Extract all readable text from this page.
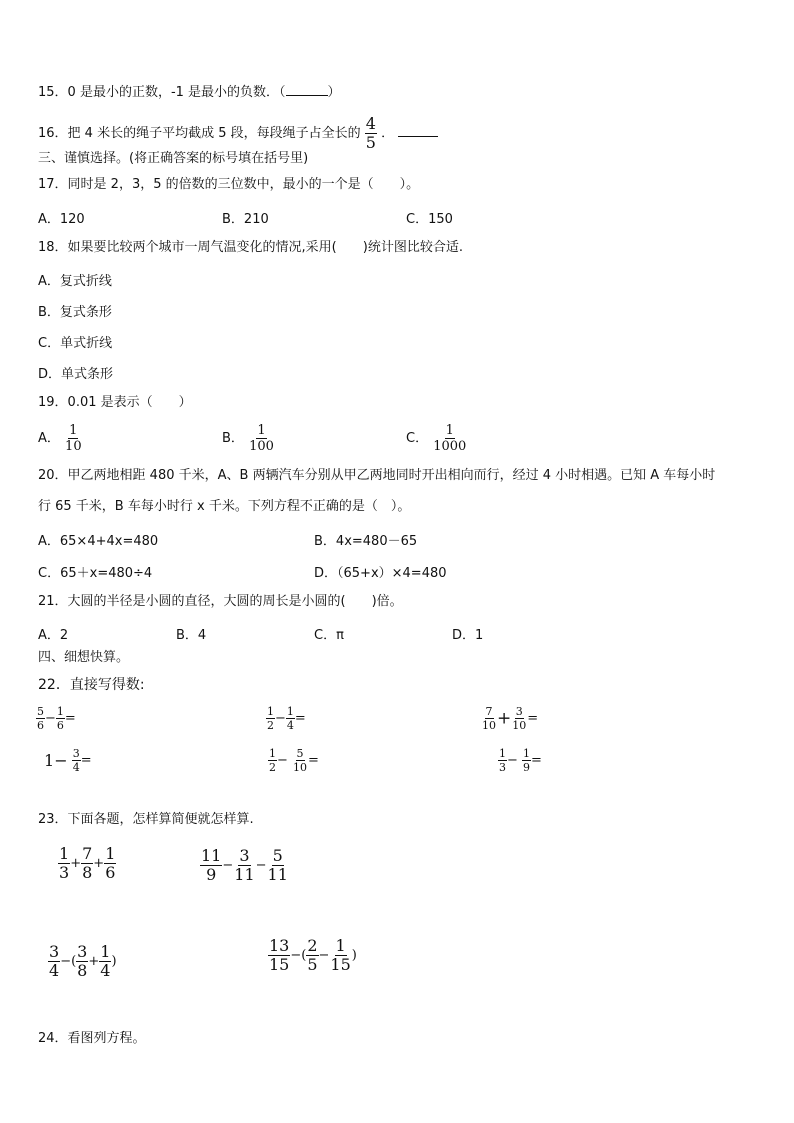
15．0 是最小的正数，-1 是最小的负数．（	）
16．把 4 米长的绳子平均截成 5 段，每段绳子占全长的 $\frac{4}{5}$ ．
三、谨慎选择。(将正确答案的标号填在括号里)
17．同时是 2，3，5 的倍数的三位数中，最小的一个是（　　）。
A．120	B．210	C．150
18．如果要比较两个城市一周气温变化的情况,采用(　　)统计图比较合适.
A．复式折线
B．复式条形
C．单式折线
D．单式条形
19．0.01 是表示（　　）
A． $\frac{1}{10}$	B． $\frac{1}{100}$	C． $\frac{1}{1000}$
20．甲乙两地相距 480 千米，A、B 两辆汽车分别从甲乙两地同时开出相向而行，经过 4 小时相遇。已知 A 车每小时
行 65 千米，B 车每小时行 x 千米。下列方程不正确的是（　）。
A．65×4+4x=480	B．4x=480－65
C．65＋x=480÷4	D．（65+x）×4=480
21．大圆的半径是小圆的直径，大圆的周长是小圆的(　　)倍。
A．2	B．4	C．π	D．1
四、细想快算。
22．直接写得数:
$\frac{5}{6} - \frac{1}{6}$ =	$\frac{1}{2} - \frac{1}{4}$ =	$\frac{7}{10} + \frac{3}{10}$ =
$1- \frac{3}{4}$ =	$\frac{1}{2} - \frac{5}{10}$ =	$\frac{1}{3} - \frac{1}{9}$ =
23．下面各题，怎样算简便就怎样算.
$\frac{1}{3} + \frac{7}{8} + \frac{1}{6}$	$\frac{11}{9} - \frac{3}{11} - \frac{5}{11}$
$\frac{3}{4}$ −( $\frac{3}{8} + \frac{1}{4}$ )	$\frac{13}{15}$ −( $\frac{2}{5} - \frac{1}{15}$ )
24．看图列方程。
